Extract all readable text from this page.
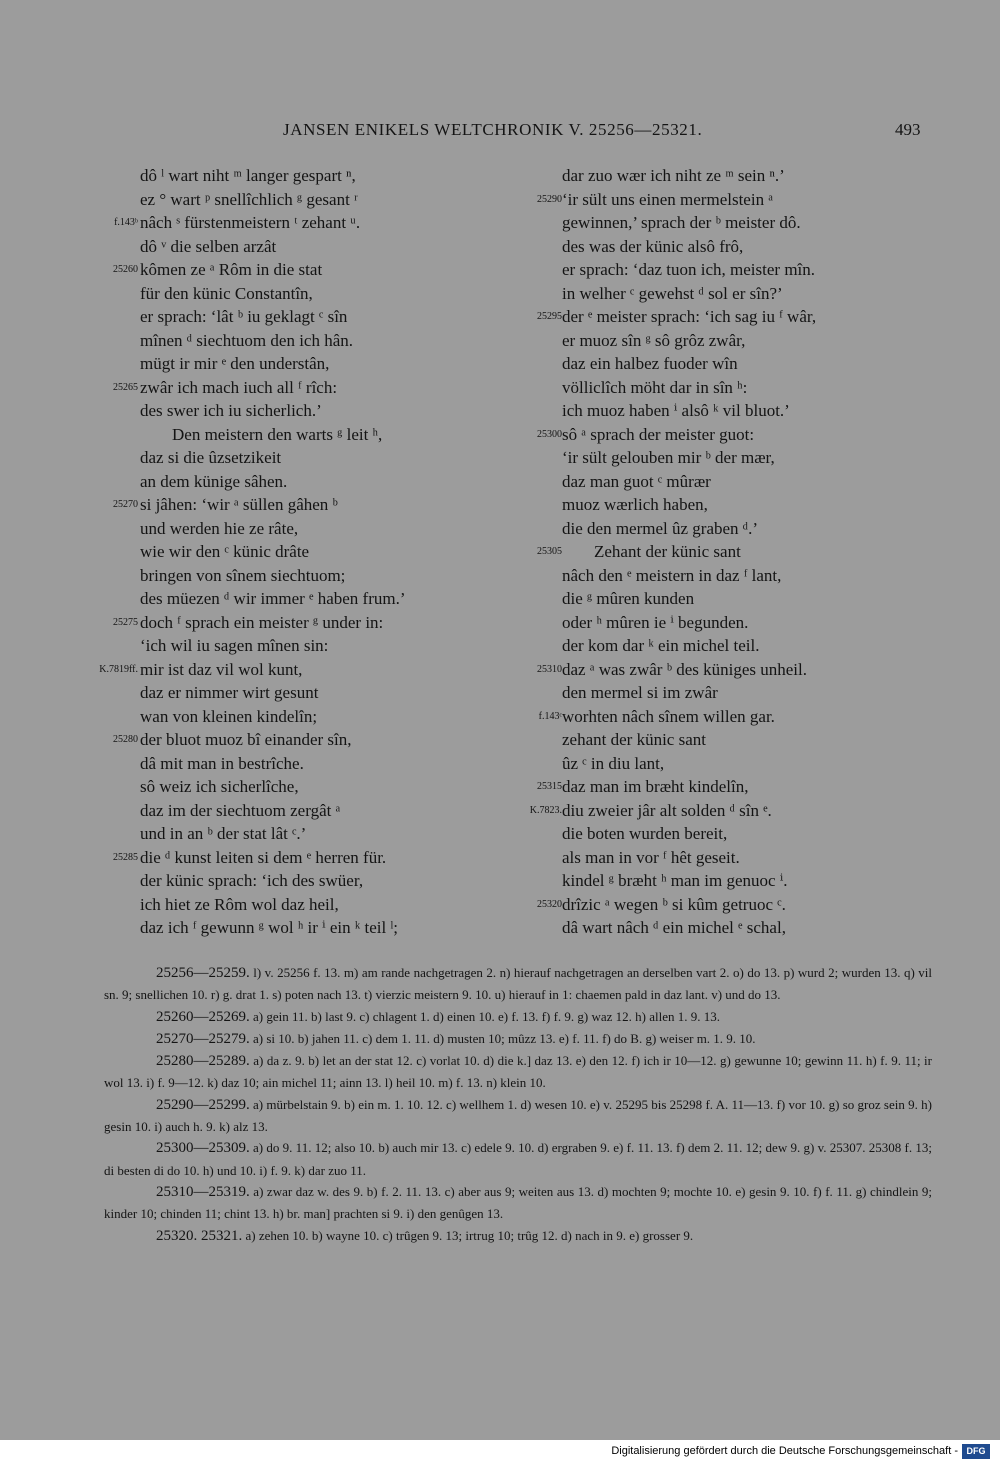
JANSEN ENIKELS WELTCHRONIK V. 25256—25321.	493
dô ˡ wart niht ᵐ langer gespart ⁿ,
ez ° wart ᵖ snellîchlich ᵍ gesant ʳ
f.143ᵇ nâch ˢ fürstenmeistern ᵗ zehant ᵘ.
dô ᵛ die selben arzât
25260 kômen ze ᵃ Rôm in die stat
für den künic Constantîn,
er sprach: ‘lât ᵇ iu geklagt ᶜ sîn
mînen ᵈ siechtuom den ich hân.
mügt ir mir ᵉ den understân,
25265 zwâr ich mach iuch all ᶠ rîch:
des swer ich iu sicherlich.’
Den meistern den warts ᵍ leit ʰ,
daz si die ûzsetzikeit
an dem künige sâhen.
25270 si jâhen: ‘wir ᵃ süllen gâhen ᵇ
und werden hie ze râte,
wie wir den ᶜ künic drâte
bringen von sînem siechtuom;
des müezen ᵈ wir immer ᵉ haben frum.’
25275 doch ᶠ sprach ein meister ᵍ under in:
‘ich wil iu sagen mînen sin:
K.7819ff. mir ist daz vil wol kunt,
daz er nimmer wirt gesunt
wan von kleinen kindelîn;
25280 der bluot muoz bî einander sîn,
dâ mit man in bestrîche.
sô weiz ich sicherlîche,
daz im der siechtuom zergât ᵃ
und in an ᵇ der stat lât ᶜ.’
25285 die ᵈ kunst leiten si dem ᵉ herren für.
der künic sprach: ‘ich des swüer,
ich hiet ze Rôm wol daz heil,
daz ich ᶠ gewunn ᵍ wol ʰ ir ⁱ ein ᵏ teil ˡ;
dar zuo wær ich niht ze ᵐ sein ⁿ.’
25290 ‘ir sült uns einen mermelstein ᵃ
gewinnen,’ sprach der ᵇ meister dô.
des was der künic alsô frô,
er sprach: ‘daz tuon ich, meister mîn.
in welher ᶜ gewehst ᵈ sol er sîn?’
25295 der ᵉ meister sprach: ‘ich sag iu ᶠ wâr,
er muoz sîn ᵍ sô grôz zwâr,
daz ein halbez fuoder wîn
völliclîch möht dar in sîn ʰ:
ich muoz haben ⁱ alsô ᵏ vil bluot.’
25300 sô ᵃ sprach der meister guot:
‘ir sült gelouben mir ᵇ der mær,
daz man guot ᶜ mûrær
muoz wærlich haben,
die den mermel ûz graben ᵈ.’
25305 Zehant der künic sant
nâch den ᵉ meistern in daz ᶠ lant,
die ᵍ mûren kunden
oder ʰ mûren ie ⁱ begunden.
der kom dar ᵏ ein michel teil.
25310 daz ᵃ was zwâr ᵇ des küniges unheil.
den mermel si im zwâr
f.143ᶜ worhten nâch sînem willen gar.
zehant der künic sant
ûz ᶜ in diu lant,
25315 daz man im bræht kindelîn,
K.7823. diu zweier jâr alt solden ᵈ sîn ᵉ.
die boten wurden bereit,
als man in vor ᶠ hêt geseit.
kindel ᵍ bræht ʰ man im genuoc ⁱ.
25320 drîzic ᵃ wegen ᵇ si kûm getruoc ᶜ.
dâ wart nâch ᵈ ein michel ᵉ schal,
25256—25259. l) v. 25256 f. 13. m) am rande nachgetragen 2. n) hierauf nachgetragen an derselben vart 2. o) do 13. p) wurd 2; wurden 13. q) vil sn. 9; snellichen 10. r) g. drat 1. s) poten nach 13. t) vierzic meistern 9. 10. u) hierauf in 1: chaemen pald in daz lant. v) und do 13.
25260—25269. a) gein 11. b) last 9. c) chlagent 1. d) einen 10. e) f. 13. f) f. 9. g) waz 12. h) allen 1. 9. 13.
25270—25279. a) si 10. b) jahen 11. c) dem 1. 11. d) musten 10; mûzz 13. e) f. 11. f) do B. g) weiser m. 1. 9. 10.
25280—25289. a) da z. 9. b) let an der stat 12. c) vorlat 10. d) die k.] daz 13. e) den 12. f) ich ir 10—12. g) gewunne 10; gewinn 11. h) f. 9. 11; ir wol 13. i) f. 9—12. k) daz 10; ain michel 11; ainn 13. l) heil 10. m) f. 13. n) klein 10.
25290—25299. a) mürbelstain 9. b) ein m. 1. 10. 12. c) wellhem 1. d) wesen 10. e) v. 25295 bis 25298 f. A. 11—13. f) vor 10. g) so groz sein 9. h) gesin 10. i) auch h. 9. k) alz 13.
25300—25309. a) do 9. 11. 12; also 10. b) auch mir 13. c) edele 9. 10. d) ergraben 9. e) f. 11. 13. f) dem 2. 11. 12; dew 9. g) v. 25307. 25308 f. 13; di besten di do 10. h) und 10. i) f. 9. k) dar zuo 11.
25310—25319. a) zwar daz w. des 9. b) f. 2. 11. 13. c) aber aus 9; weiten aus 13. d) mochten 9; mochte 10. e) gesin 9. 10. f) f. 11. g) chindlein 9; kinder 10; chinden 11; chint 13. h) br. man] prachten si 9. i) den genûgen 13.
25320. 25321. a) zehen 10. b) wayne 10. c) trûgen 9. 13; irtrug 10; trûg 12. d) nach in 9. e) grosser 9.
Digitalisierung gefördert durch die Deutsche Forschungsgemeinschaft - DFG
